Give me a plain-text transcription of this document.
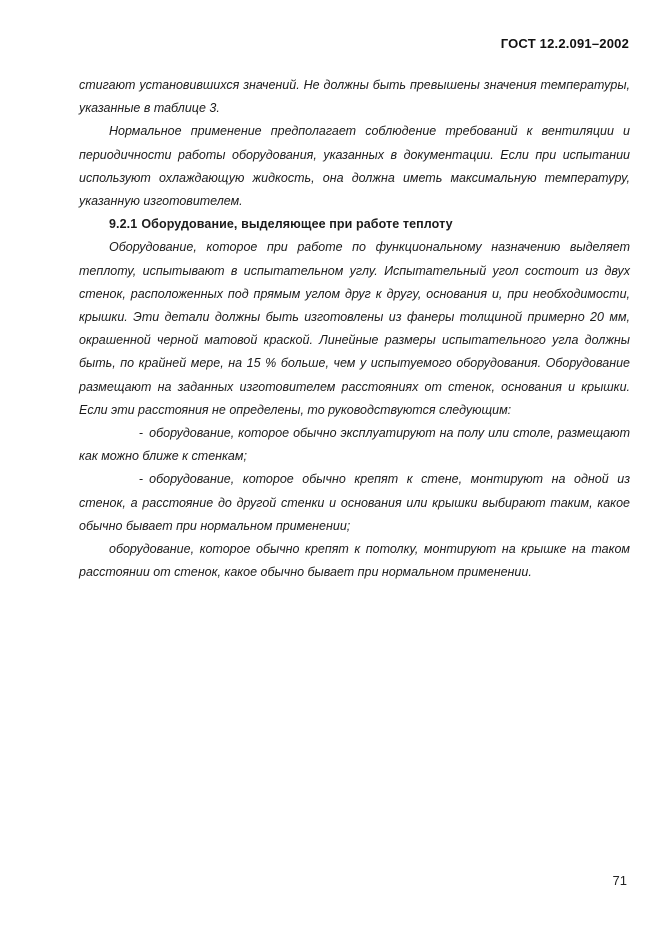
ГОСТ 12.2.091–2002

стигают установившихся значений. Не должны быть превышены значения температуры, указанные в таблице 3.

Нормальное применение предполагает соблюдение требований к вентиляции и периодичности работы оборудования, указанных в документации. Если при испытании используют охлаждающую жидкость, она должна иметь максимальную температуру, указанную изготовителем.

9.2.1 Оборудование, выделяющее при работе теплоту

Оборудование, которое при работе по функциональному назначению выделяет теплоту, испытывают в испытательном углу. Испытательный угол состоит из двух стенок, расположенных под прямым углом друг к другу, основания и, при необходимости, крышки. Эти детали должны быть изготовлены из фанеры толщиной примерно 20 мм, окрашенной черной матовой краской. Линейные размеры испытательного угла должны быть, по крайней мере, на 15 % больше, чем у испытуемого оборудования. Оборудование размещают на заданных изготовителем расстояниях от стенок, основания и крышки. Если эти расстояния не определены, то руководствуются следующим:

- оборудование, которое обычно эксплуатируют на полу или столе, размещают как можно ближе к стенкам;

- оборудование, которое обычно крепят к стене, монтируют на одной из стенок, а расстояние до другой стенки и основания или крышки выбирают таким, какое обычно бывает при нормальном применении;

оборудование, которое обычно крепят к потолку, монтируют на крышке на таком расстоянии от стенок, какое обычно бывает при нормальном применении.

71
